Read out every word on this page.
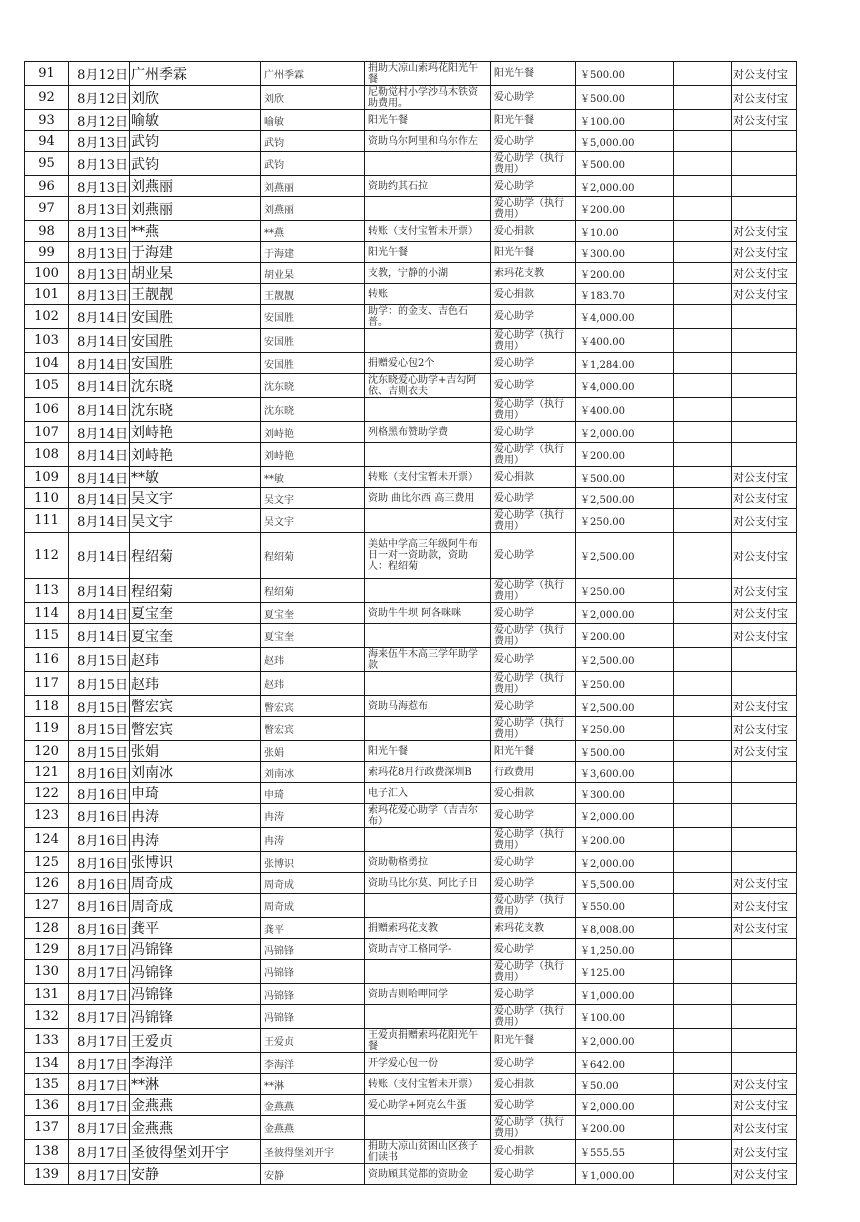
91	8月12日	广州季霖	广州季霖	捐助大凉山索玛花阳光午餐	阳光午餐	￥500.00		对公支付宝
92	8月12日	刘欣	刘欣	尼勒觉村小学沙马木铁资助费用。	爱心助学	￥500.00		对公支付宝
93	8月12日	喻敏	喻敏	阳光午餐	阳光午餐	￥100.00		对公支付宝
94	8月13日	武钧	武钧	资助乌尔阿里和乌尔作左	爱心助学	￥5,000.00		
95	8月13日	武钧	武钧		爱心助学（执行费用）	￥500.00		
96	8月13日	刘燕丽	刘燕丽	资助约其石拉	爱心助学	￥2,000.00		
97	8月13日	刘燕丽	刘燕丽		爱心助学（执行费用）	￥200.00		
98	8月13日	**燕	**燕	转账（支付宝暂未开票）	爱心捐款	￥10.00		对公支付宝
99	8月13日	于海建	于海建	阳光午餐	阳光午餐	￥300.00		对公支付宝
100	8月13日	胡业杲	胡业杲	支教，宁静的小湖	索玛花支教	￥200.00		对公支付宝
101	8月13日	王靓靓	王靓靓	转账	爱心捐款	￥183.70		对公支付宝
102	8月14日	安国胜	安国胜	助学：的金支、吉色石普。	爱心助学	￥4,000.00		
103	8月14日	安国胜	安国胜		爱心助学（执行费用）	￥400.00		
104	8月14日	安国胜	安国胜	捐赠爱心包2个	爱心助学	￥1,284.00		
105	8月14日	沈东晓	沈东晓	沈东晓爱心助学+吉勾阿依、吉则衣夫	爱心助学	￥4,000.00		
106	8月14日	沈东晓	沈东晓		爱心助学（执行费用）	￥400.00		
107	8月14日	刘峙艳	刘峙艳	列格黑布赞助学费	爱心助学	￥2,000.00		
108	8月14日	刘峙艳	刘峙艳		爱心助学（执行费用）	￥200.00		
109	8月14日	**敏	**敏	转账（支付宝暂未开票）	爱心捐款	￥500.00		对公支付宝
110	8月14日	吴文宇	吴文宇	资助 曲比尔西 高三费用	爱心助学	￥2,500.00		对公支付宝
111	8月14日	吴文宇	吴文宇		爱心助学（执行费用）	￥250.00		对公支付宝
112	8月14日	程绍菊	程绍菊	美姑中学高三年级阿牛布日一对一资助款，资助人：程绍菊	爱心助学	￥2,500.00		对公支付宝
113	8月14日	程绍菊	程绍菊		爱心助学（执行费用）	￥250.00		对公支付宝
114	8月14日	夏宝奎	夏宝奎	资助牛牛坝 阿各咪咪	爱心助学	￥2,000.00		对公支付宝
115	8月14日	夏宝奎	夏宝奎		爱心助学（执行费用）	￥200.00		对公支付宝
116	8月15日	赵玮	赵玮	海来伍牛木高三学年助学款	爱心助学	￥2,500.00		
117	8月15日	赵玮	赵玮		爱心助学（执行费用）	￥250.00		
118	8月15日	瞥宏宾	瞥宏宾	资助马海惹布	爱心助学	￥2,500.00		对公支付宝
119	8月15日	瞥宏宾	瞥宏宾		爱心助学（执行费用）	￥250.00		对公支付宝
120	8月15日	张娟	张娟	阳光午餐	阳光午餐	￥500.00		对公支付宝
121	8月16日	刘南冰	刘南冰	索玛花8月行政费深圳B	行政费用	￥3,600.00		
122	8月16日	申琦	申琦	电子汇入	爱心捐款	￥300.00		
123	8月16日	冉涛	冉涛	索玛花爱心助学（吉吉尔布）	爱心助学	￥2,000.00		
124	8月16日	冉涛	冉涛		爱心助学（执行费用）	￥200.00		
125	8月16日	张博识	张博识	资助勒格勇拉	爱心助学	￥2,000.00		
126	8月16日	周奇成	周奇成	资助马比尔莫、阿比子日	爱心助学	￥5,500.00		对公支付宝
127	8月16日	周奇成	周奇成		爱心助学（执行费用）	￥550.00		对公支付宝
128	8月16日	龚平	龚平	捐赠索玛花支教	索玛花支教	￥8,008.00		对公支付宝
129	8月17日	冯锦锋	冯锦锋	资助吉守工格同学-	爱心助学	￥1,250.00		
130	8月17日	冯锦锋	冯锦锋		爱心助学（执行费用）	￥125.00		
131	8月17日	冯锦锋	冯锦锋	资助吉则哈呷同学	爱心助学	￥1,000.00		
132	8月17日	冯锦锋	冯锦锋		爱心助学（执行费用）	￥100.00		
133	8月17日	王爱贞	王爱贞	王爱贞捐赠索玛花阳光午餐	阳光午餐	￥2,000.00		
134	8月17日	李海洋	李海洋	开学爱心包一份	爱心助学	￥642.00		
135	8月17日	**淋	**淋	转账（支付宝暂未开票）	爱心捐款	￥50.00		对公支付宝
136	8月17日	金燕燕	金燕燕	爱心助学+阿克么牛蛋	爱心助学	￥2,000.00		对公支付宝
137	8月17日	金燕燕	金燕燕		爱心助学（执行费用）	￥200.00		对公支付宝
138	8月17日	圣彼得堡刘开宇	圣彼得堡刘开宇	捐助大凉山贫困山区孩子们读书	爱心捐款	￥555.55		对公支付宝
139	8月17日	安静	安静	资助頋其觉都的资助金	爱心助学	￥1,000.00		对公支付宝
